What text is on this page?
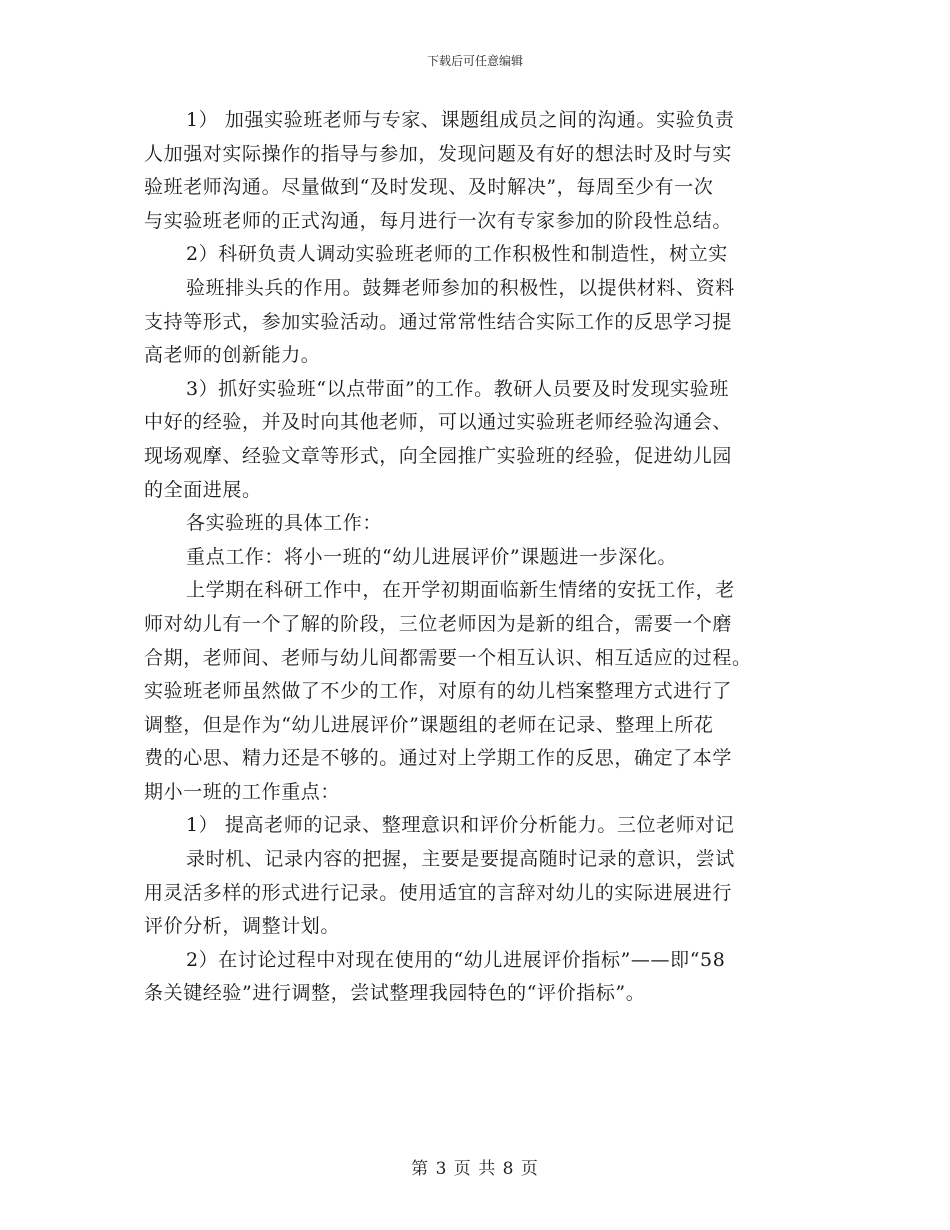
下载后可任意编辑
1） 加强实验班老师与专家、课题组成员之间的沟通。实验负责
人加强对实际操作的指导与参加，发现问题及有好的想法时及时与实
验班老师沟通。尽量做到“及时发现、及时解决”，每周至少有一次
与实验班老师的正式沟通，每月进行一次有专家参加的阶段性总结。
2）科研负责人调动实验班老师的工作积极性和制造性，树立实
验班排头兵的作用。鼓舞老师参加的积极性，以提供材料、资料
支持等形式，参加实验活动。通过常常性结合实际工作的反思学习提
高老师的创新能力。
3）抓好实验班“以点带面”的工作。教研人员要及时发现实验班
中好的经验，并及时向其他老师，可以通过实验班老师经验沟通会、
现场观摩、经验文章等形式，向全园推广实验班的经验，促进幼儿园
的全面进展。
各实验班的具体工作：
重点工作：将小一班的“幼儿进展评价”课题进一步深化。
上学期在科研工作中，在开学初期面临新生情绪的安抚工作，老
师对幼儿有一个了解的阶段，三位老师因为是新的组合，需要一个磨
合期，老师间、老师与幼儿间都需要一个相互认识、相互适应的过程。
实验班老师虽然做了不少的工作，对原有的幼儿档案整理方式进行了
调整，但是作为“幼儿进展评价”课题组的老师在记录、整理上所花
费的心思、精力还是不够的。通过对上学期工作的反思，确定了本学
期小一班的工作重点：
1） 提高老师的记录、整理意识和评价分析能力。三位老师对记
录时机、记录内容的把握，主要是要提高随时记录的意识，尝试
用灵活多样的形式进行记录。使用适宜的言辞对幼儿的实际进展进行
评价分析，调整计划。
2）在讨论过程中对现在使用的“幼儿进展评价指标”——即“58
条关键经验”进行调整，尝试整理我园特色的“评价指标”。
第 3 页 共 8 页
